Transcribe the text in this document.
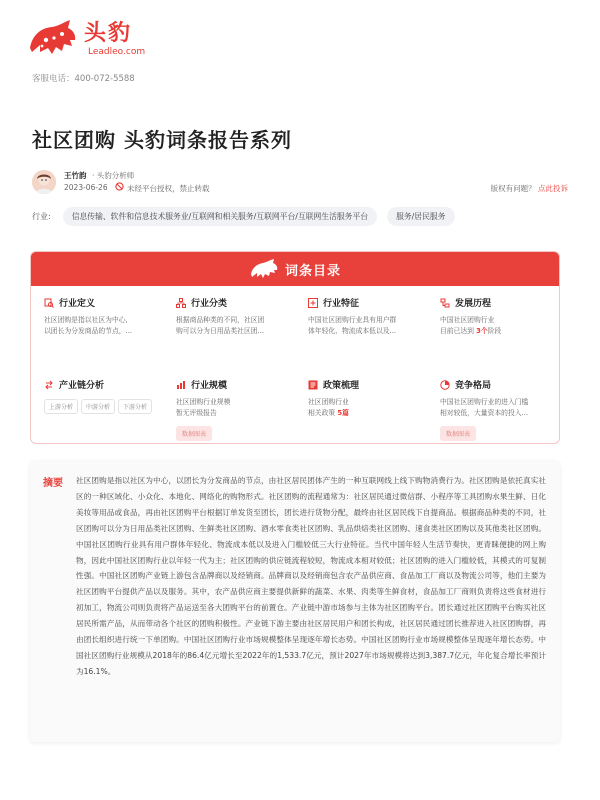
头豹
Leadleo.com
客服电话：400-072-5588
社区团购 头豹词条报告系列
王竹韵 · 头豹分析师
2023-06-26	未经平台授权，禁止转载	版权有问题？ 点此投诉
行业:	信息传输、软件和信息技术服务业/互联网和相关服务/互联网平台/互联网生活服务平台	服务/居民服务
词条目录
行业定义
社区团购是指以社区为中心,
以团长为分发商品的节点，...
行业分类
根据商品种类的不同，社区团
购可以分为日用品类社区团...
行业特征
中国社区团购行业具有用户群
体年轻化、物流成本低以及...
发展历程
中国社区团购行业
目前已达到 3个阶段
产业链分析
上游分析 中游分析 下游分析
行业规模
社区团购行业规模
暂无评级报告
数据图表
政策梳理
社区团购行业
相关政策 5篇
竞争格局
中国社区团购行业的进入门槛
相对较低，大量资本的投入...
数据图表
摘要 社区团购是指以社区为中心，以团长为分发商品的节点，由社区居民团体产生的一种互联网线上线下购物消费行为。社区团购是依托真实社区的一种区域化、小众化、本地化、网络化的购物形式。社区团购的流程通常为：社区居民通过微信群、小程序等工具团购水果生鲜、日化美妆等用品或食品，再由社区团购平台根据订单发货至团长，团长进行货物分配，最终由社区居民线下自提商品。根据商品种类的不同，社区团购可以分为日用品类社区团购、生鲜类社区团购、酒水零食类社区团购、乳品烘焙类社区团购、速食类社区团购以及其他类社区团购。中国社区团购行业具有用户群体年轻化、物流成本低以及进入门槛较低三大行业特征。当代中国年轻人生活节奏快，更青睐便捷的网上购物，因此中国社区团购行业以年轻一代为主；社区团购的供应链流程较短，物流成本相对较低；社区团购的进入门槛较低，其模式的可复制性强。中国社区团购产业链上游包含品牌商以及经销商。品牌商以及经销商包含农产品供应商、食品加工厂商以及物流公司等，他们主要为社区团购平台提供产品以及服务。其中，农产品供应商主要提供新鲜的蔬菜、水果、肉类等生鲜食材，食品加工厂商则负责将这些食材进行初加工，物流公司则负责将产品运送至各大团购平台的前置仓。产业链中游市场参与主体为社区团购平台。团长通过社区团购平台购买社区居民所需产品，从而带动各个社区的团购积极性。产业链下游主要由社区居民用户和团长构成，社区居民通过团长推荐进入社区团购群，再由团长组织进行统一下单团购。中国社区团购行业市场规模整体呈现逐年增长态势。中国社区团购行业市场规模整体呈现逐年增长态势。中国社区团购行业规模从2018年的86.4亿元增长至2022年的1,533.7亿元，预计2027年市场规模将达到3,387.7亿元，年化复合增长率预计为16.1%。
